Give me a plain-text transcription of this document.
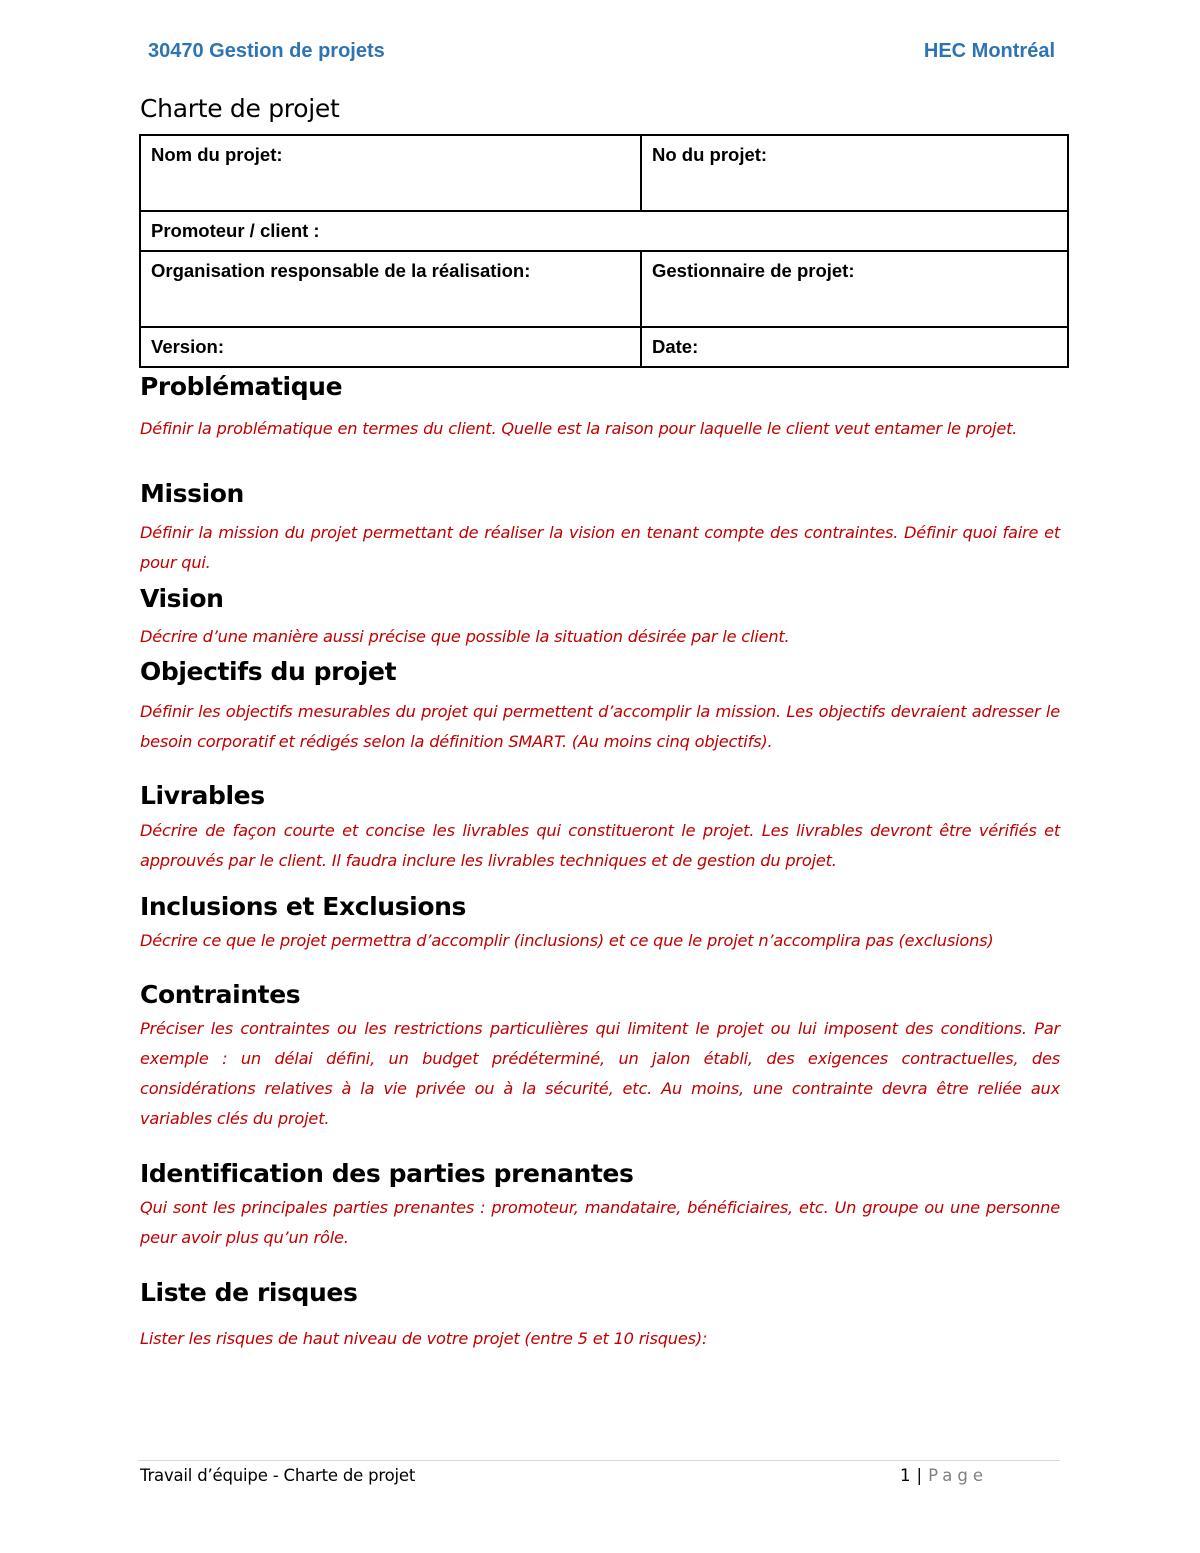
30470 Gestion de projets	HEC Montréal
Charte de projet
Nom du projet:	No du projet:
Promoteur / client :	
Organisation responsable de la réalisation:	Gestionnaire de projet:
Version:	Date:
Problématique

Définir la problématique en termes du client. Quelle est la raison pour laquelle le client veut entamer le projet.

Mission

Définir la mission du projet permettant de réaliser la vision en tenant compte des contraintes. Définir quoi faire et pour qui.

Vision

Décrire d’une manière aussi précise que possible la situation désirée par le client.

Objectifs du projet

Définir les objectifs mesurables du projet qui permettent d’accomplir la mission. Les objectifs devraient adresser le besoin corporatif et rédigés selon la définition SMART. (Au moins cinq objectifs).

Livrables

Décrire de façon courte et concise les livrables qui constitueront le projet. Les livrables devront être vérifiés et approuvés par le client. Il faudra inclure les livrables techniques et de gestion du projet.

Inclusions et Exclusions

Décrire ce que le projet permettra d’accomplir (inclusions) et ce que le projet n’accomplira pas (exclusions)

Contraintes

Préciser les contraintes ou les restrictions particulières qui limitent le projet ou lui imposent des conditions. Par exemple : un délai défini, un budget prédéterminé, un jalon établi, des exigences contractuelles, des considérations relatives à la vie privée ou à la sécurité, etc. Au moins, une contrainte devra être reliée aux variables clés du projet.

Identification des parties prenantes

Qui sont les principales parties prenantes : promoteur, mandataire, bénéficiaires, etc. Un groupe ou une personne peur avoir plus qu’un rôle.

Liste de risques

Lister les risques de haut niveau de votre projet (entre 5 et 10 risques):

Travail d’équipe - Charte de projet	1 | Page
